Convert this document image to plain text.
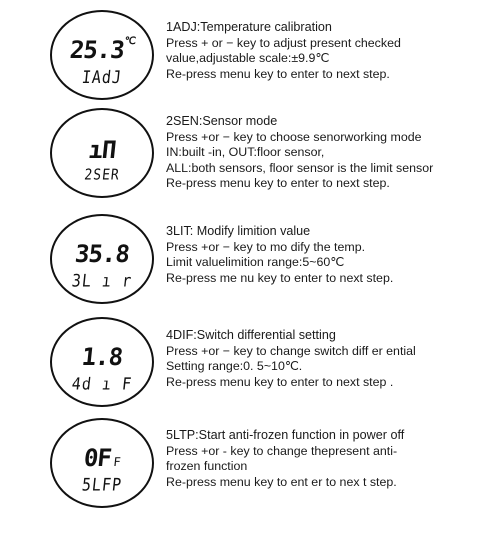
25.3℃
IAdJ
1ADJ:Temperature calibration
Press + or − key to adjust present checked
value,adjustable scale:±9.9℃
Re-press menu key to enter to next step.
ıΠ
2SER
2SEN:Sensor mode
Press +or − key to choose senorworking mode
IN:built -in, OUT:floor sensor,
ALL:both sensors, floor sensor is the limit sensor
Re-press menu key to enter to next step.
35.8
3L ı r
3LIT: Modify limition value
Press +or − key to mo dify the temp.
Limit valuelimition range:5~60℃
Re-press me nu key to enter to next step.
1.8
4d ı F
4DIF:Switch differential setting
Press +or − key to change switch diff er ential
Setting range:0. 5~10℃.
Re-press menu key to enter to next step .
0FF
5LFP
5LTP:Start anti-frozen function in power off
Press +or - key to change thepresent anti-
frozen function
Re-press menu key to ent er to nex t step.
